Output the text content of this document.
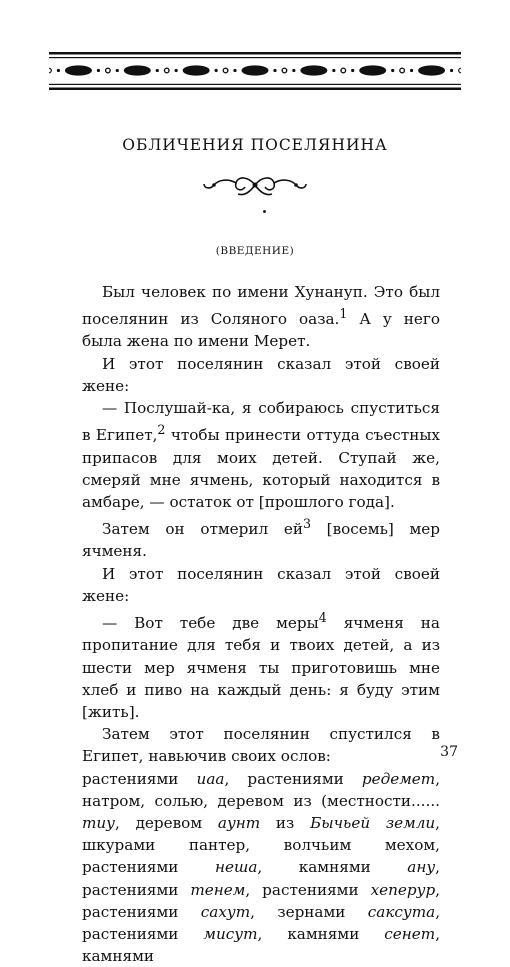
ОБЛИЧЕНИЯ ПОСЕЛЯНИНА
(ВВЕДЕНИЕ)

Был человек по имени Хунануп. Это был поселянин из Соляного оаза.$^1$ А у него была жена по имени Мерет.

И этот поселянин сказал этой своей жене:

— Послушай-ка, я собираюсь спуститься в Египет,$^2$ чтобы принести оттуда съестных припасов для моих детей. Ступай же, смеряй мне ячмень, который находится в амбаре, — остаток от [прошлого года].

Затем он отмерил $ей^3$ [восемь] мер ячменя.

И этот поселянин сказал этой своей жене:

— Вот тебе две меры$^4$ ячменя на пропитание для тебя и твоих детей, а из шести мер ячменя ты приготовишь мне хлеб и пиво на каждый день: я буду этим [жить].

Затем этот поселянин спустился в Египет, навьючив своих ослов:

растениями иаа, растениями редемет, натром, солью, деревом из (местности...... тиу, деревом аунт из Бычьей земли, шкурами пантер, волчьим мехом, растениями неша, камнями ану, растениями тенем, растениями хеперур, растениями сахут, зернами саксута, растениями мисут, камнями сенет, камнями

37
